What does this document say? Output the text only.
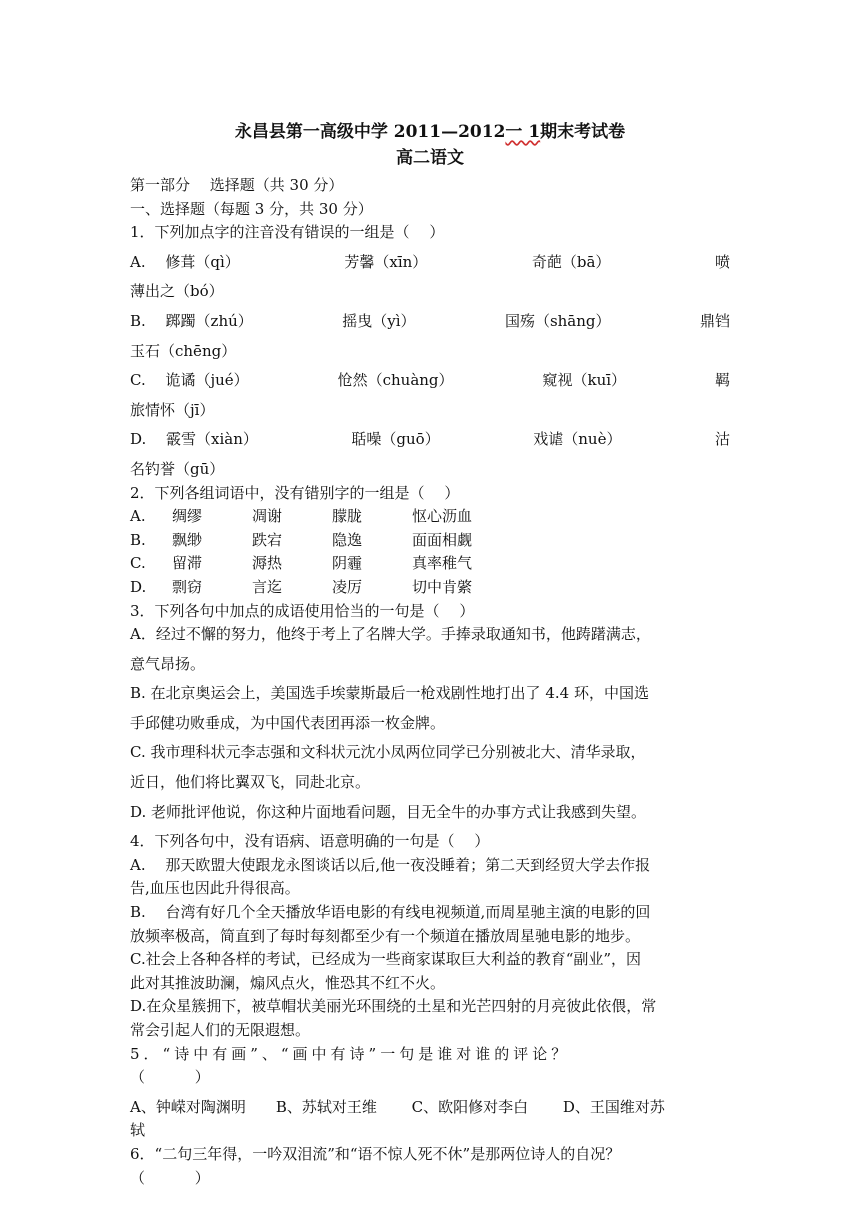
永昌县第一高级中学 2011—2012一 1期末考试卷
高二语文
第一部分　 选择题（共 30 分）
一、选择题（每题 3 分，共 30 分）
1．下列加点字的注音没有错误的一组是（　 ）
A.　 修葺（qì）	芳馨（xīn）	奇葩（bā）	喷
薄出之（bó）
B.　 踯躅（zhú）	摇曳（yì）	国殇（shāng）	鼎铛
玉石（chēng）
C.　 诡谲（jué）	怆然（chuàng）	窥视（kuī）	羁
旅情怀（jī）
D.　 霰雪（xiàn）	聒噪（guō）	戏谑（nuè）	沽
名钓誉（gū）
2．下列各组词语中，没有错别字的一组是（　 ）
A. 绸缪	凋谢	朦胧	怄心沥血
B. 飘缈	跌宕	隐逸	面面相觑
C. 留滞	溽热	阴霾	真率稚气
D. 剽窃	言迄	凌厉	切中肯綮
3．下列各句中加点的成语使用恰当的一句是（　 ）
A．经过不懈的努力，他终于考上了名牌大学。手捧录取通知书，他踌躇满志，
意气昂扬。
B. 在北京奥运会上，美国选手埃蒙斯最后一枪戏剧性地打出了 4.4 环，中国选
手邱健功败垂成，为中国代表团再添一枚金牌。
C. 我市理科状元李志强和文科状元沈小凤两位同学已分别被北大、清华录取，
近日，他们将比翼双飞，同赴北京。
D. 老师批评他说，你这种片面地看问题，目无全牛的办事方式让我感到失望。
4．下列各句中，没有语病、语意明确的一句是（　 ）
A.　 那天欧盟大使跟龙永图谈话以后,他一夜没睡着；第二天到经贸大学去作报
告,血压也因此升得很高。
B.　 台湾有好几个全天播放华语电影的有线电视频道,而周星驰主演的电影的回
放频率极高，简直到了每时每刻都至少有一个频道在播放周星驰电影的地步。
C.社会上各种各样的考试，已经成为一些商家谋取巨大利益的教育“副业”，因
此对其推波助澜，煽风点火，惟恐其不红不火。
D.在众星簇拥下，被草帽状美丽光环围绕的土星和光芒四射的月亮彼此依偎，常
常会引起人们的无限遐想。
5．“诗中有画”、“画中有诗”一句是谁对谁的评论？
（　　　 ）
A、钟嵘对陶渊明　　B、苏轼对王维　　 C、欧阳修对李白　　 D、王国维对苏
轼
6．“二句三年得，一吟双泪流”和“语不惊人死不休”是那两位诗人的自况？
（　　　 ）
